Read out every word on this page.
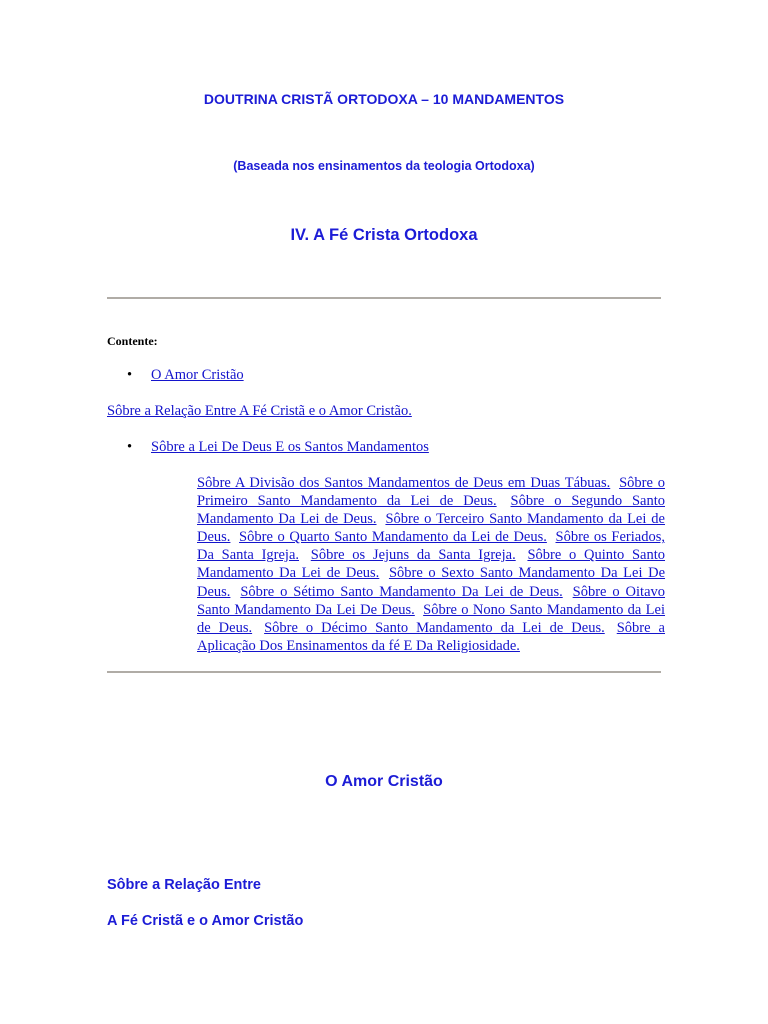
DOUTRINA CRISTÃ ORTODOXA – 10 MANDAMENTOS
(Baseada nos ensinamentos da teologia Ortodoxa)
IV. A Fé Crista Ortodoxa
Contente:
• O Amor Cristão
Sôbre a Relação Entre A Fé Cristã e o Amor Cristão.
• Sôbre a Lei De Deus E os Santos Mandamentos
Sôbre A Divisão dos Santos Mandamentos de Deus em Duas Tábuas. Sôbre o Primeiro Santo Mandamento da Lei de Deus. Sôbre o Segundo Santo Mandamento Da Lei de Deus. Sôbre o Terceiro Santo Mandamento da Lei de Deus. Sôbre o Quarto Santo Mandamento da Lei de Deus. Sôbre os Feriados, Da Santa Igreja. Sôbre os Jejuns da Santa Igreja. Sôbre o Quinto Santo Mandamento Da Lei de Deus. Sôbre o Sexto Santo Mandamento Da Lei De Deus. Sôbre o Sétimo Santo Mandamento Da Lei de Deus. Sôbre o Oitavo Santo Mandamento Da Lei De Deus. Sôbre o Nono Santo Mandamento da Lei de Deus. Sôbre o Décimo Santo Mandamento da Lei de Deus. Sôbre a Aplicação Dos Ensinamentos da fé E Da Religiosidade.
O Amor Cristão
Sôbre a Relação Entre
A Fé Cristã e o Amor Cristão
